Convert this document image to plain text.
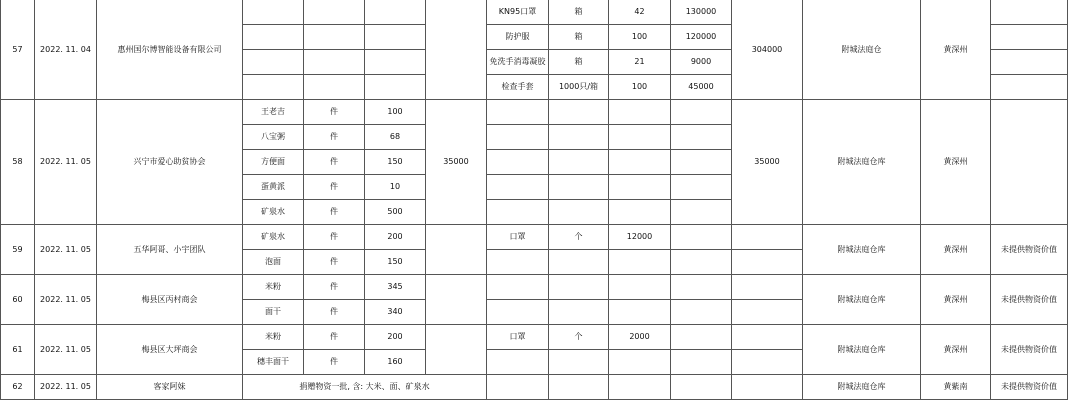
57	2022. 11. 04	惠州国尔博智能设备有限公司					KN95口罩	箱	42	130000	304000	附城法庭仓	黄深州	
							防护服	箱	100	120000				
							免洗手消毒凝胶	箱	21	9000				
							检查手套	1000只/箱	100	45000				
58	2022. 11. 05	兴宁市爱心助贫协会	王老吉	件	100	35000					35000	附城法庭仓库	黄深州	
			八宝粥	件	68									
			方便面	件	150									
			蛋黄派	件	10									
			矿泉水	件	500									
59	2022. 11. 05	五华阿哥、小宇团队	矿泉水	件	200		口罩	个	12000			附城法庭仓库	黄深州	未提供物资价值
			泡面	件	150									
60	2022. 11. 05	梅县区丙村商会	米粉	件	345							附城法庭仓库	黄深州	未提供物资价值
			面干	件	340									
61	2022. 11. 05	梅县区大坪商会	米粉	件	200		口罩	个	2000			附城法庭仓库	黄深州	未提供物资价值
			穗丰面干	件	160									
62	2022. 11. 05	客家阿妹	捐赠物资一批, 含: 大米、面、矿泉水									附城法庭仓库	黄紫南	未提供物资价值
